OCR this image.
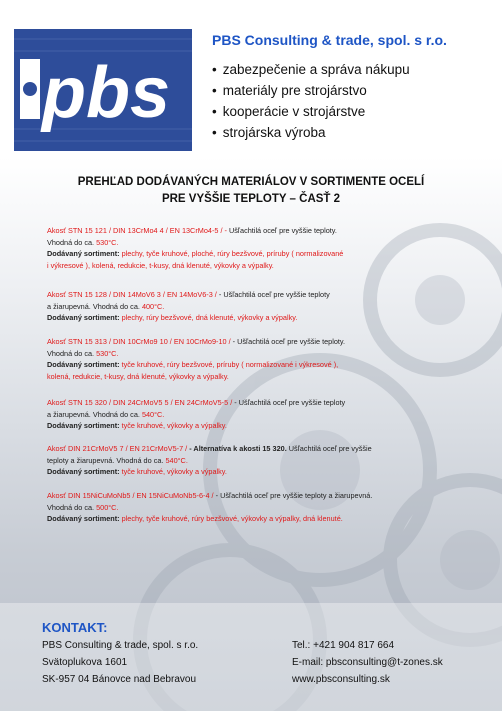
pbs
PBS Consulting & trade, spol. s r.o.
• zabezpečenie a správa nákupu
• materiály pre strojárstvo
• kooperácie v strojárstve
• strojárska výroba
PREHĽAD DODÁVANÝCH MATERIÁLOV V SORTIMENTE OCELÍ
PRE VYŠŠIE TEPLOTY – ČASŤ 2
Akosť STN 15 121 / DIN 13CrMo4 4 / EN 13CrMo4-5 / - Ušľachtilá oceľ pre vyššie teploty.
Vhodná do ca. 530°C.
Dodávaný sortiment: plechy, tyče kruhové, ploché, rúry bezšvové, príruby ( normalizované
i výkresové ), kolená, redukcie, t-kusy, dná klenuté, výkovky a výpalky.
Akosť STN 15 128 / DIN 14MoV6 3 / EN 14MoV6-3 / - Ušľachtilá oceľ pre vyššie teploty
a žiarupevná. Vhodná do ca. 400°C.
Dodávaný sortiment: plechy, rúry bezšvové, dná klenuté, výkovky a výpalky.
Akosť STN 15 313 / DIN 10CrMo9 10 / EN 10CrMo9-10 / - Ušľachtilá oceľ pre vyššie teploty.
Vhodná do ca. 530°C.
Dodávaný sortiment: tyče kruhové, rúry bezšvové, príruby ( normalizované i výkresové ),
kolená, redukcie, t-kusy, dná klenuté, výkovky a výpalky.
Akosť STN 15 320 / DIN 24CrMoV5 5 / EN 24CrMoV5-5 / - Ušľachtilá oceľ pre vyššie teploty
a žiarupevná. Vhodná do ca. 540°C.
Dodávaný sortiment: tyče kruhové, výkovky a výpalky.
Akosť DIN 21CrMoV5 7 / EN 21CrMoV5-7 / - Alternatíva k akosti 15 320. Ušľachtilá oceľ pre vyššie
teploty a žiarupevná. Vhodná do ca. 540°C.
Dodávaný sortiment: tyče kruhové, výkovky a výpalky.
Akosť DIN 15NiCuMoNb5 / EN 15NiCuMoNb5-6-4 / - Ušľachtilá oceľ pre vyššie teploty a žiarupevná.
Vhodná do ca. 500°C.
Dodávaný sortiment: plechy, tyče kruhové, rúry bezšvové, výkovky a výpalky, dná klenuté.
KONTAKT:
PBS Consulting & trade, spol. s r.o.
Svätoplukova 1601
SK-957 04 Bánovce nad Bebravou
Tel.: +421 904 817 664
E-mail: pbsconsulting@t-zones.sk
www.pbsconsulting.sk
